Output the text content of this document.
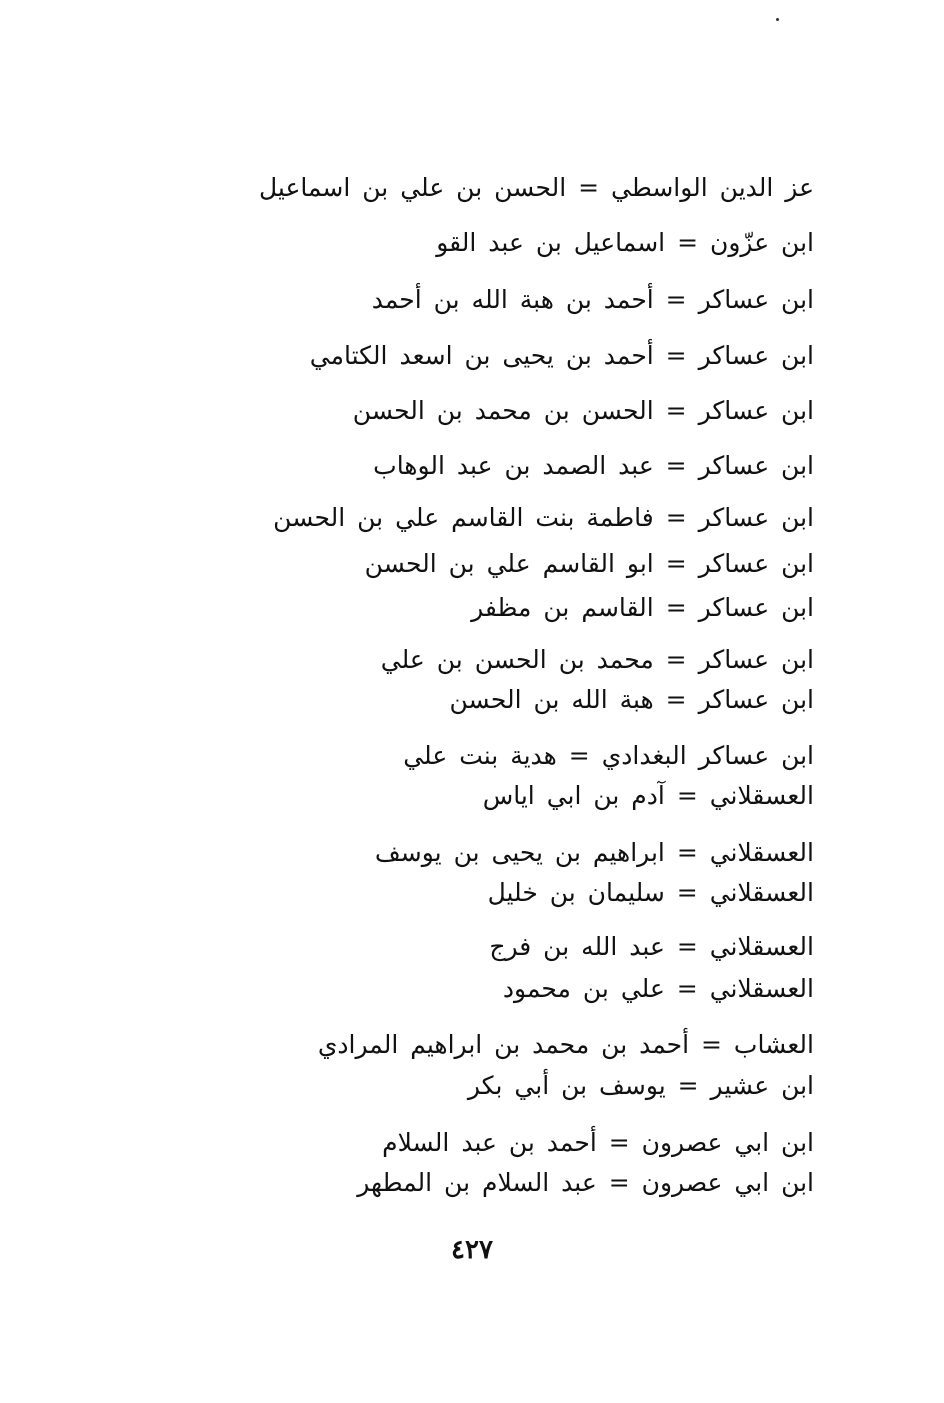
عز الدين الواسطي = الحسن بن علي بن اسماعيل
ابن عزّون = اسماعيل بن عبد القو
ابن عساكر = أحمد بن هبة الله بن أحمد
ابن عساكر = أحمد بن يحيى بن اسعد الكتامي
ابن عساكر = الحسن بن محمد بن الحسن
ابن عساكر = عبد الصمد بن عبد الوهاب
ابن عساكر = فاطمة بنت القاسم علي بن الحسن
ابن عساكر = ابو القاسم علي بن الحسن
ابن عساكر = القاسم بن مظفر
ابن عساكر = محمد بن الحسن بن علي
ابن عساكر = هبة الله بن الحسن
ابن عساكر البغدادي = هدية بنت علي
العسقلاني = آدم بن ابي اياس
العسقلاني = ابراهيم بن يحيى بن يوسف
العسقلاني = سليمان بن خليل
العسقلاني = عبد الله بن فرج
العسقلاني = علي بن محمود
العشاب = أحمد بن محمد بن ابراهيم المرادي
ابن عشير = يوسف بن أبي بكر
ابن ابي عصرون = أحمد بن عبد السلام
ابن ابي عصرون = عبد السلام بن المطهر
٤٢٧
